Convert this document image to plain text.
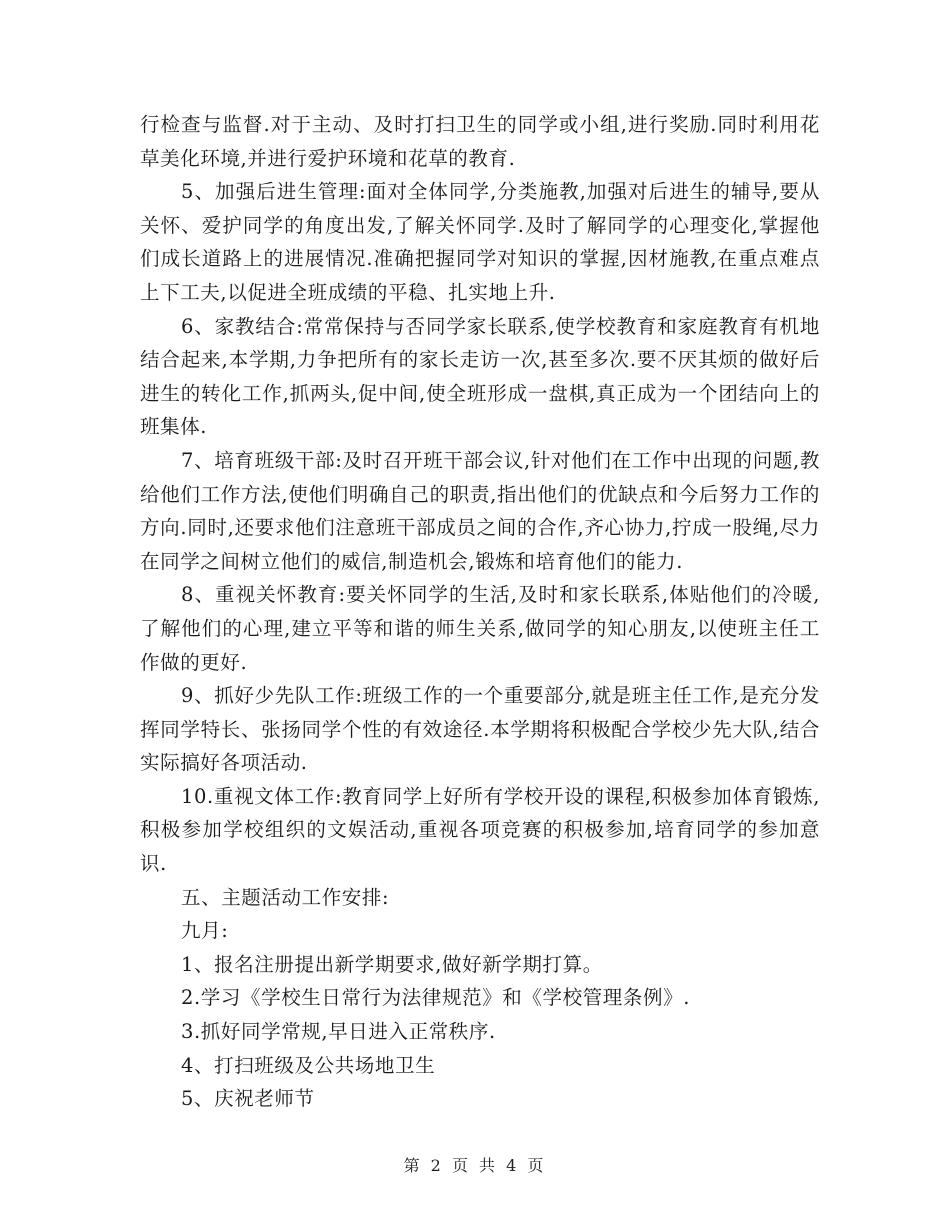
行检查与监督.对于主动、及时打扫卫生的同学或小组,进行奖励.同时利用花草美化环境,并进行爱护环境和花草的教育.

5、加强后进生管理:面对全体同学,分类施教,加强对后进生的辅导,要从关怀、爱护同学的角度出发,了解关怀同学.及时了解同学的心理变化,掌握他们成长道路上的进展情况.准确把握同学对知识的掌握,因材施教,在重点难点上下工夫,以促进全班成绩的平稳、扎实地上升.

6、家教结合:常常保持与否同学家长联系,使学校教育和家庭教育有机地结合起来,本学期,力争把所有的家长走访一次,甚至多次.要不厌其烦的做好后进生的转化工作,抓两头,促中间,使全班形成一盘棋,真正成为一个团结向上的班集体.

7、培育班级干部:及时召开班干部会议,针对他们在工作中出现的问题,教给他们工作方法,使他们明确自己的职责,指出他们的优缺点和今后努力工作的方向.同时,还要求他们注意班干部成员之间的合作,齐心协力,拧成一股绳,尽力在同学之间树立他们的威信,制造机会,锻炼和培育他们的能力.

8、重视关怀教育:要关怀同学的生活,及时和家长联系,体贴他们的冷暖,了解他们的心理,建立平等和谐的师生关系,做同学的知心朋友,以使班主任工作做的更好.

9、抓好少先队工作:班级工作的一个重要部分,就是班主任工作,是充分发挥同学特长、张扬同学个性的有效途径.本学期将积极配合学校少先大队,结合实际搞好各项活动.

10.重视文体工作:教育同学上好所有学校开设的课程,积极参加体育锻炼,积极参加学校组织的文娱活动,重视各项竞赛的积极参加,培育同学的参加意识.

五、主题活动工作安排:

九月:

1、报名注册提出新学期要求,做好新学期打算。

2.学习《学校生日常行为法律规范》和《学校管理条例》.

3.抓好同学常规,早日进入正常秩序.

4、打扫班级及公共场地卫生

5、庆祝老师节

第 2 页 共 4 页
